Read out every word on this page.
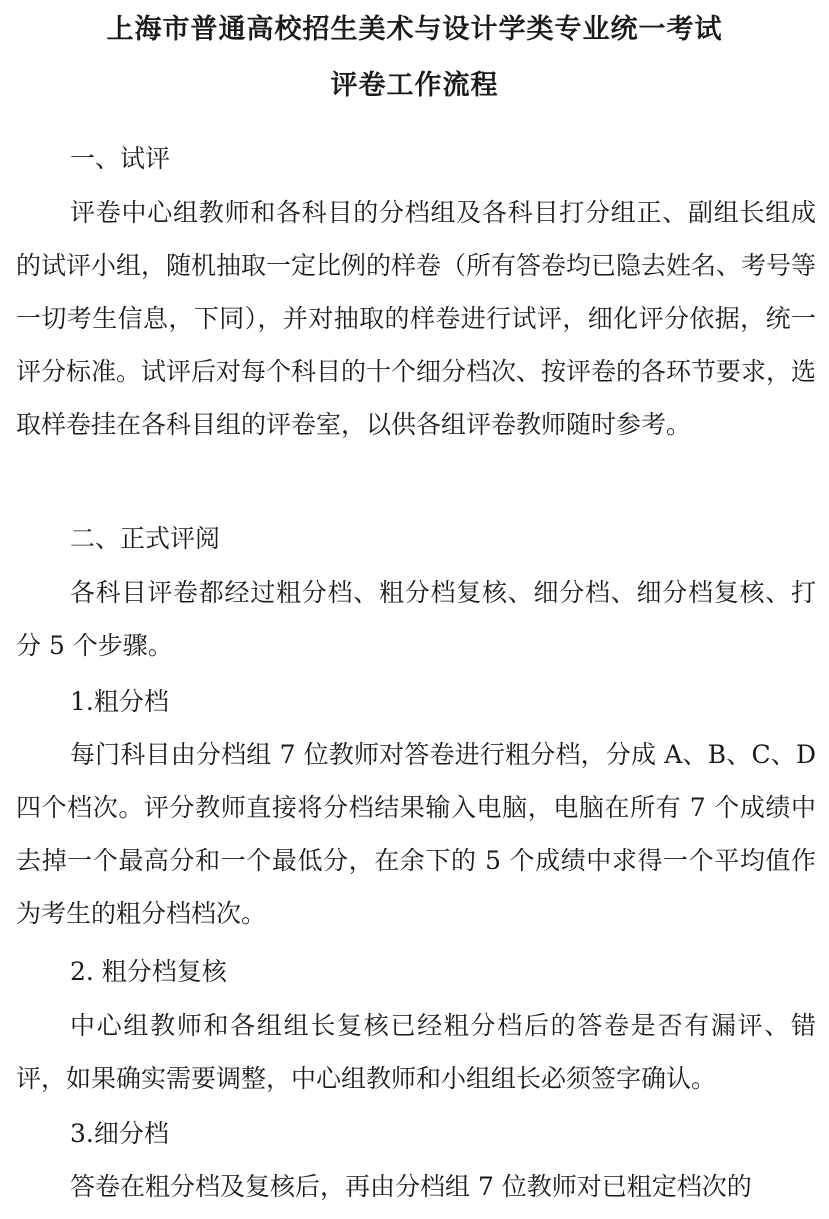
上海市普通高校招生美术与设计学类专业统一考试
评卷工作流程
一、试评

评卷中心组教师和各科目的分档组及各科目打分组正、副组长组成的试评小组，随机抽取一定比例的样卷（所有答卷均已隐去姓名、考号等一切考生信息，下同），并对抽取的样卷进行试评，细化评分依据，统一评分标准。试评后对每个科目的十个细分档次、按评卷的各环节要求，选取样卷挂在各科目组的评卷室，以供各组评卷教师随时参考。

二、正式评阅

各科目评卷都经过粗分档、粗分档复核、细分档、细分档复核、打分 5 个步骤。

1.粗分档

每门科目由分档组 7 位教师对答卷进行粗分档，分成 A、B、C、D 四个档次。评分教师直接将分档结果输入电脑，电脑在所有 7 个成绩中去掉一个最高分和一个最低分，在余下的 5 个成绩中求得一个平均值作为考生的粗分档档次。

2. 粗分档复核

中心组教师和各组组长复核已经粗分档后的答卷是否有漏评、错评，如果确实需要调整，中心组教师和小组组长必须签字确认。

3.细分档

答卷在粗分档及复核后，再由分档组 7 位教师对已粗定档次的
